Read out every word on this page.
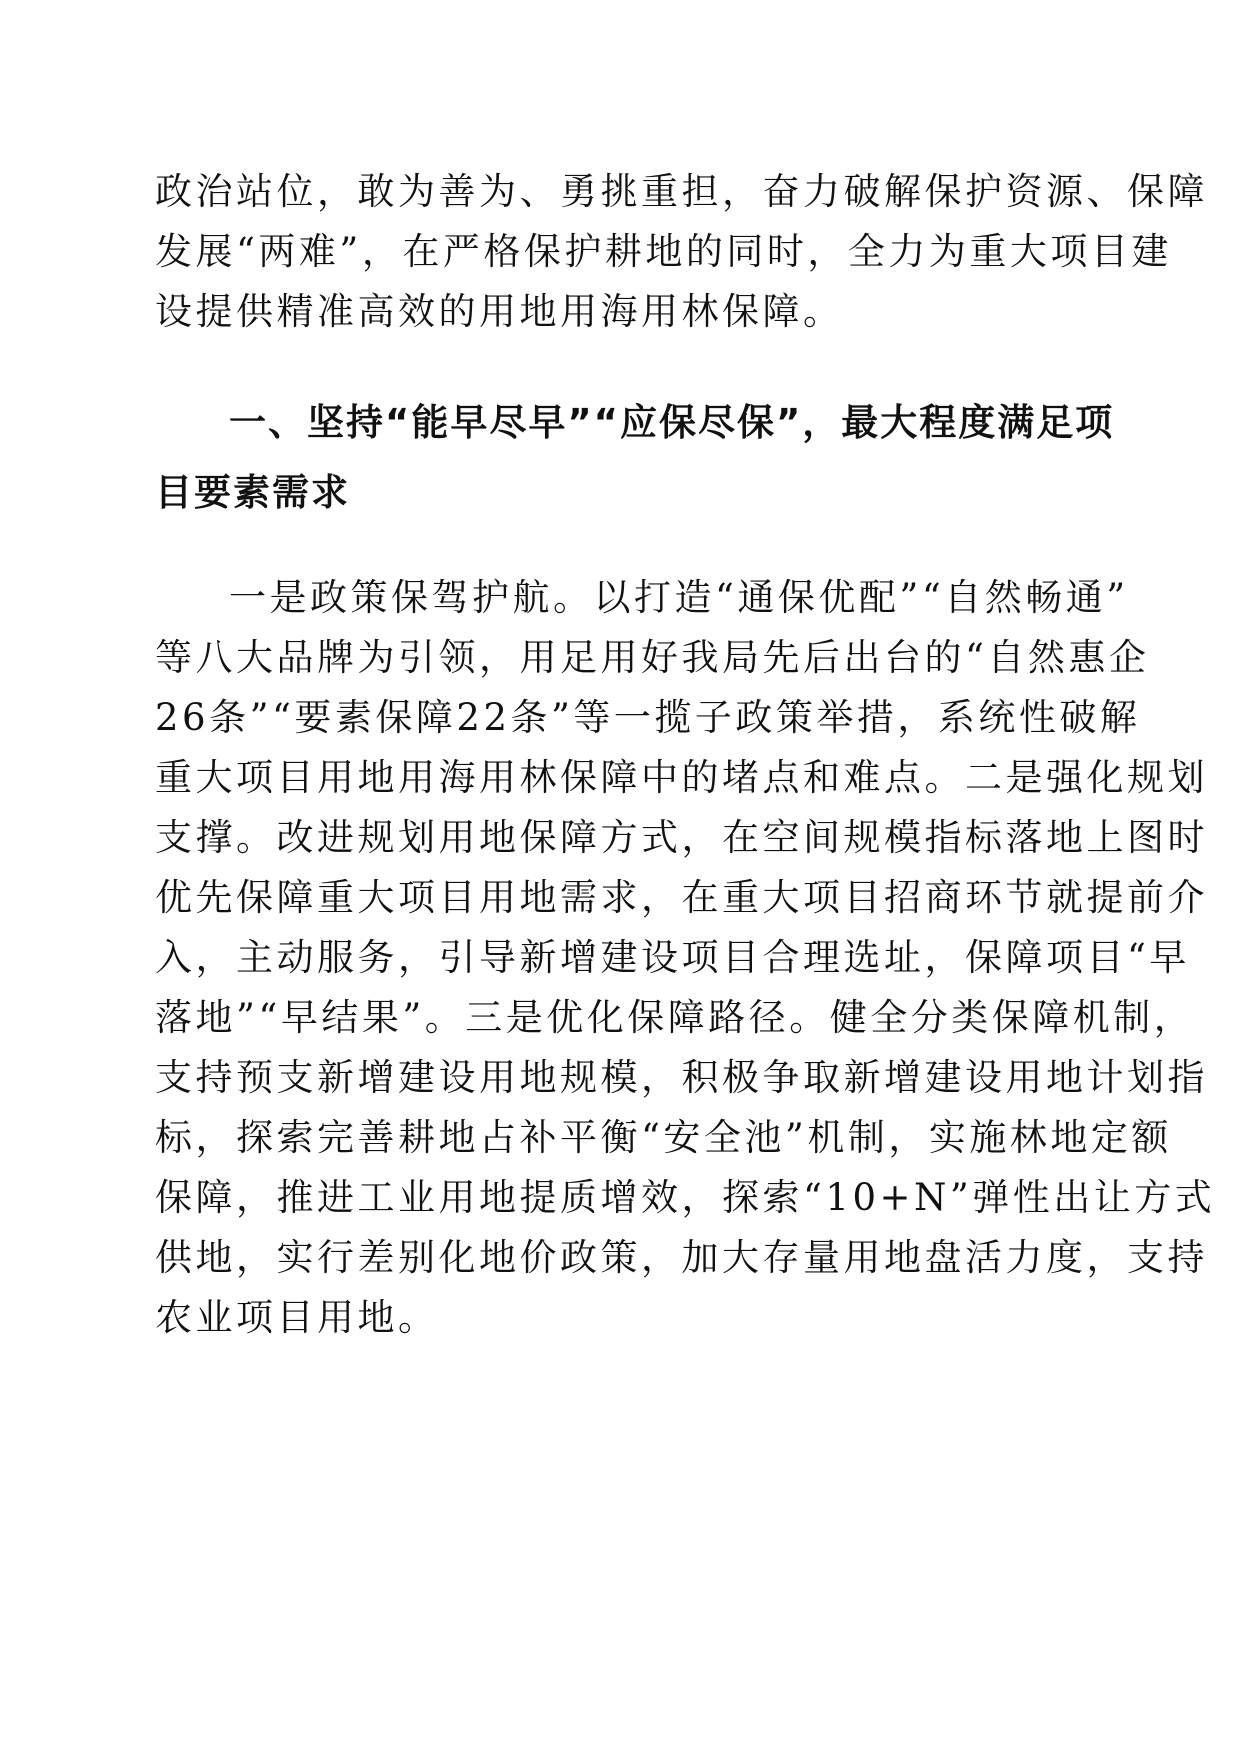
政治站位，敢为善为、勇挑重担，奋力破解保护资源、保障
发展“两难”，在严格保护耕地的同时，全力为重大项目建
设提供精准高效的用地用海用林保障。
一、坚持“能早尽早”“应保尽保”，最大程度满足项
目要素需求
一是政策保驾护航。以打造“通保优配”“自然畅通”
等八大品牌为引领，用足用好我局先后出台的“自然惠企
26条”“要素保障22条”等一揽子政策举措，系统性破解
重大项目用地用海用林保障中的堵点和难点。二是强化规划
支撑。改进规划用地保障方式，在空间规模指标落地上图时
优先保障重大项目用地需求，在重大项目招商环节就提前介
入，主动服务，引导新增建设项目合理选址，保障项目“早
落地”“早结果”。三是优化保障路径。健全分类保障机制，
支持预支新增建设用地规模，积极争取新增建设用地计划指
标，探索完善耕地占补平衡“安全池”机制，实施林地定额
保障，推进工业用地提质增效，探索“10+N”弹性出让方式
供地，实行差别化地价政策，加大存量用地盘活力度，支持
农业项目用地。
